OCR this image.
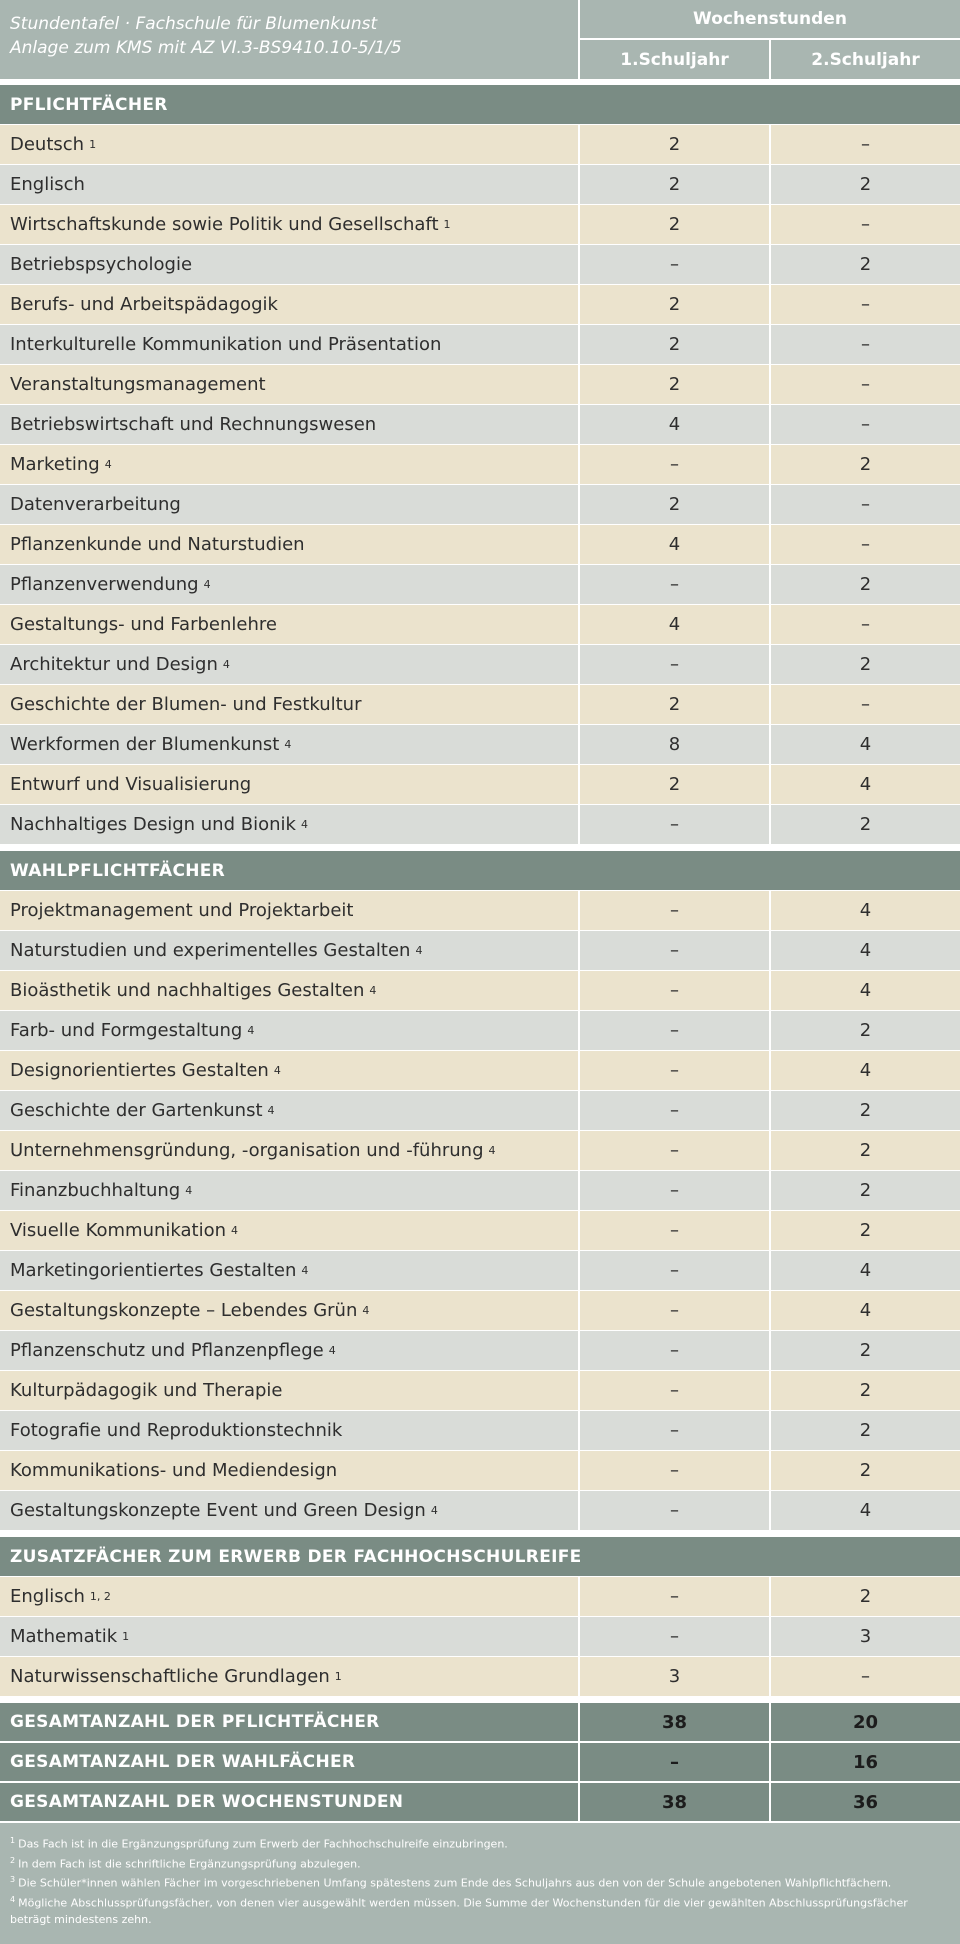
Stundentafel · Fachschule für Blumenkunst
Anlage zum KMS mit AZ VI.3-BS9410.10-5/1/5
Wochenstunden
1.Schuljahr	2.Schuljahr
PFLICHTFÄCHER
Deutsch 1	2	–
Englisch	2	2
Wirtschaftskunde sowie Politik und Gesellschaft 1	2	–
Betriebspsychologie	–	2
Berufs- und Arbeitspädagogik	2	–
Interkulturelle Kommunikation und Präsentation	2	–
Veranstaltungsmanagement	2	–
Betriebswirtschaft und Rechnungswesen	4	–
Marketing 4	–	2
Datenverarbeitung	2	–
Pflanzenkunde und Naturstudien	4	–
Pflanzenverwendung 4	–	2
Gestaltungs- und Farbenlehre	4	–
Architektur und Design 4	–	2
Geschichte der Blumen- und Festkultur	2	–
Werkformen der Blumenkunst 4	8	4
Entwurf und Visualisierung	2	4
Nachhaltiges Design und Bionik 4	–	2
WAHLPFLICHTFÄCHER
Projektmanagement und Projektarbeit	–	4
Naturstudien und experimentelles Gestalten 4	–	4
Bioästhetik und nachhaltiges Gestalten 4	–	4
Farb- und Formgestaltung 4	–	2
Designorientiertes Gestalten 4	–	4
Geschichte der Gartenkunst 4	–	2
Unternehmensgründung, -organisation und -führung 4	–	2
Finanzbuchhaltung 4	–	2
Visuelle Kommunikation 4	–	2
Marketingorientiertes Gestalten 4	–	4
Gestaltungskonzepte – Lebendes Grün 4	–	4
Pflanzenschutz und Pflanzenpflege 4	–	2
Kulturpädagogik und Therapie	–	2
Fotografie und Reproduktionstechnik	–	2
Kommunikations- und Mediendesign	–	2
Gestaltungskonzepte Event und Green Design 4	–	4
ZUSATZFÄCHER ZUM ERWERB DER FACHHOCHSCHULREIFE
Englisch 1, 2	–	2
Mathematik 1	–	3
Naturwissenschaftliche Grundlagen 1	3	–
GESAMTANZAHL DER PFLICHTFÄCHER	38	20
GESAMTANZAHL DER WAHLFÄCHER	–	16
GESAMTANZAHL DER WOCHENSTUNDEN	38	36
$^1$ Das Fach ist in die Ergänzungsprüfung zum Erwerb der Fachhochschulreife einzubringen.
$^2$ In dem Fach ist die schriftliche Ergänzungsprüfung abzulegen.
$^3$ Die Schüler*innen wählen Fächer im vorgeschriebenen Umfang spätestens zum Ende des Schuljahrs aus den von der Schule angebotenen Wahlpflichtfächern.
$^4$ Mögliche Abschlussprüfungsfächer, von denen vier ausgewählt werden müssen. Die Summe der Wochenstunden für die vier gewählten Abschlussprüfungsfächer beträgt mindestens zehn.
